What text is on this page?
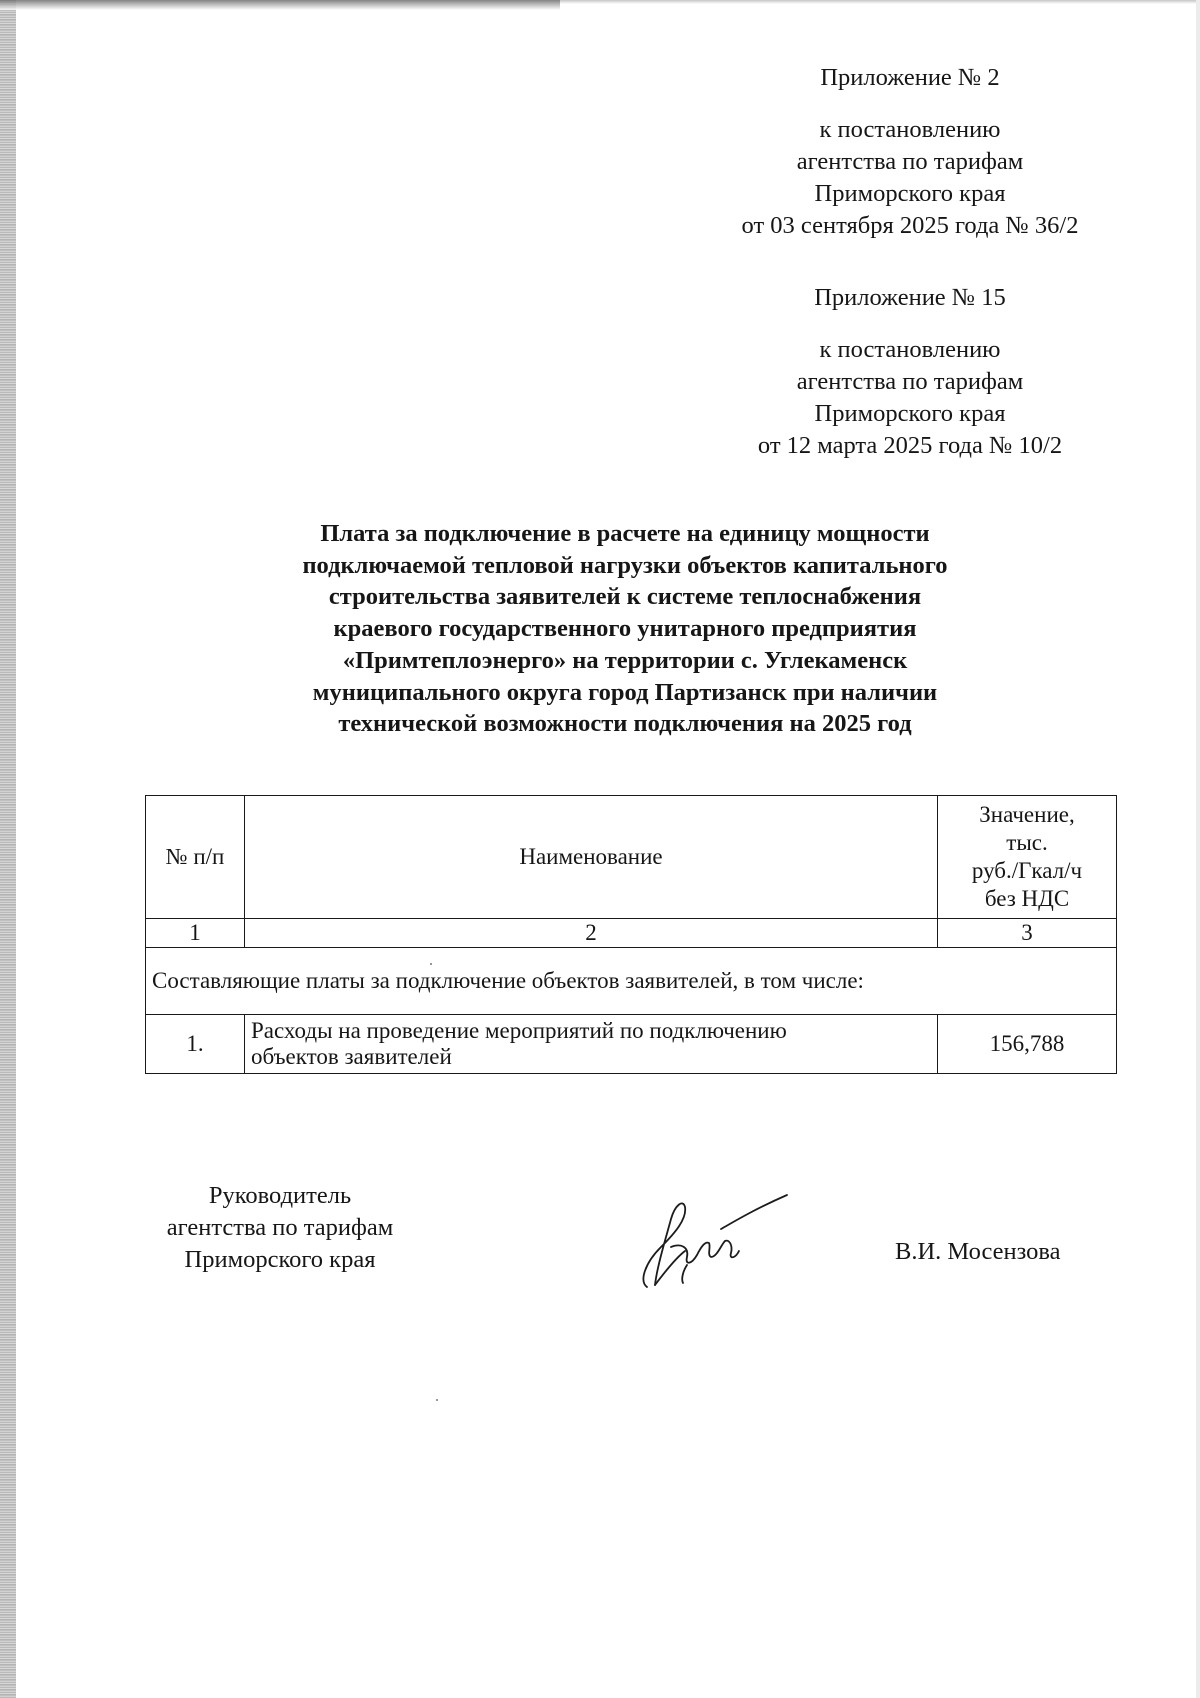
Приложение № 2
к постановлению
агентства по тарифам
Приморского края
от 03 сентября 2025 года № 36/2
Приложение № 15
к постановлению
агентства по тарифам
Приморского края
от 12 марта 2025 года № 10/2
Плата за подключение в расчете на единицу мощности
подключаемой тепловой нагрузки объектов капитального
строительства заявителей к системе теплоснабжения
краевого государственного унитарного предприятия
«Примтеплоэнерго» на территории с. Углекаменск
муниципального округа город Партизанск при наличии
технической возможности подключения на 2025 год
№ п/п	Наименование	Значение,
тыс.
руб./Гкал/ч
без НДС

1	2	3
Составляющие платы за подключение объектов заявителей, в том числе:		
1.	Расходы на проведение мероприятий по подключению
объектов заявителей	156,788
Руководитель
агентства по тарифам
Приморского края	В.И. Мосензова
